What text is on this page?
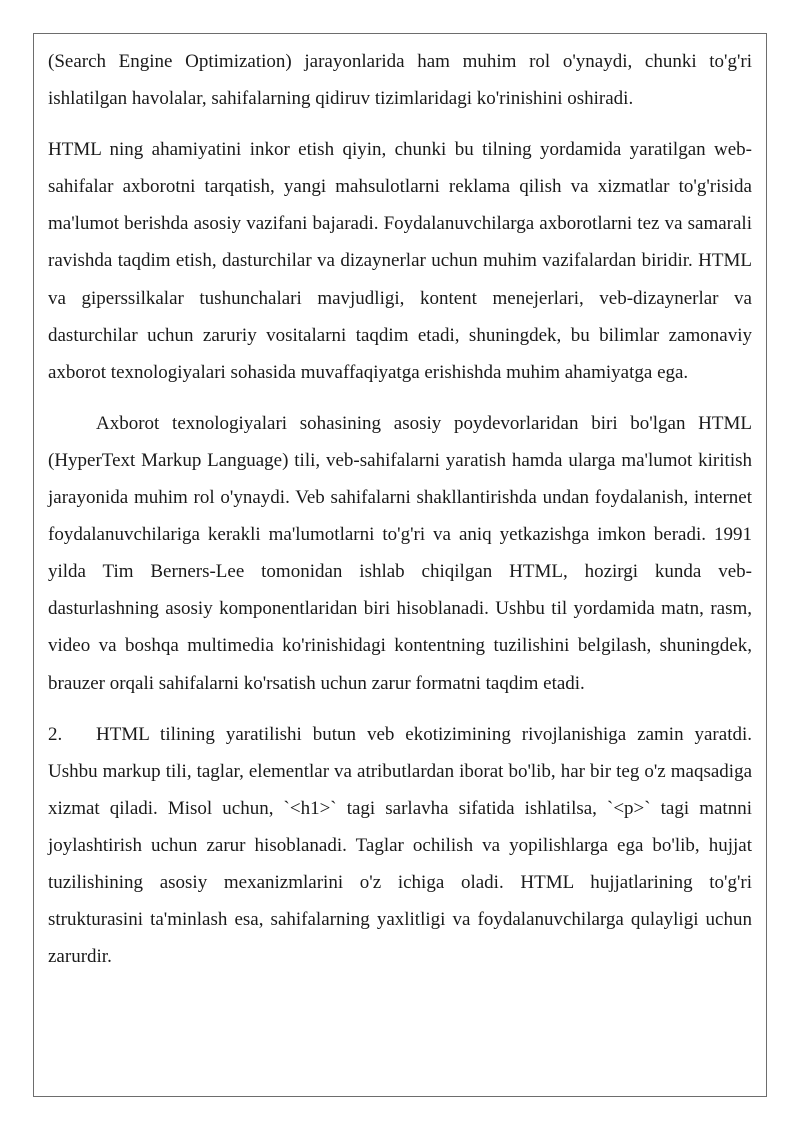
(Search Engine Optimization) jarayonlarida ham muhim rol o'ynaydi, chunki to'g'ri ishlatilgan havolalar, sahifalarning qidiruv tizimlaridagi ko'rinishini oshiradi.

HTML ning ahamiyatini inkor etish qiyin, chunki bu tilning yordamida yaratilgan web-sahifalar axborotni tarqatish, yangi mahsulotlarni reklama qilish va xizmatlar to'g'risida ma'lumot berishda asosiy vazifani bajaradi. Foydalanuvchilarga axborotlarni tez va samarali ravishda taqdim etish, dasturchilar va dizaynerlar uchun muhim vazifalardan biridir. HTML va giperssilkalar tushunchalari mavjudligi, kontent menejerlari, veb-dizaynerlar va dasturchilar uchun zaruriy vositalarni taqdim etadi, shuningdek, bu bilimlar zamonaviy axborot texnologiyalari sohasida muvaffaqiyatga erishishda muhim ahamiyatga ega.

Axborot texnologiyalari sohasining asosiy poydevorlaridan biri bo'lgan HTML (HyperText Markup Language) tili, veb-sahifalarni yaratish hamda ularga ma'lumot kiritish jarayonida muhim rol o'ynaydi. Veb sahifalarni shakllantirishda undan foydalanish, internet foydalanuvchilariga kerakli ma'lumotlarni to'g'ri va aniq yetkazishga imkon beradi. 1991 yilda Tim Berners-Lee tomonidan ishlab chiqilgan HTML, hozirgi kunda veb-dasturlashning asosiy komponentlaridan biri hisoblanadi. Ushbu til yordamida matn, rasm, video va boshqa multimedia ko'rinishidagi kontentning tuzilishini belgilash, shuningdek, brauzer orqali sahifalarni ko'rsatish uchun zarur formatni taqdim etadi.

2. HTML tilining yaratilishi butun veb ekotizimining rivojlanishiga zamin yaratdi. Ushbu markup tili, taglar, elementlar va atributlardan iborat bo'lib, har bir teg o'z maqsadiga xizmat qiladi. Misol uchun, `<h1>` tagi sarlavha sifatida ishlatilsa, `<p>` tagi matnni joylashtirish uchun zarur hisoblanadi. Taglar ochilish va yopilishlarga ega bo'lib, hujjat tuzilishining asosiy mexanizmlarini o'z ichiga oladi. HTML hujjatlarining to'g'ri strukturasini ta'minlash esa, sahifalarning yaxlitligi va foydalanuvchilarga qulayligi uchun zarurdir.
